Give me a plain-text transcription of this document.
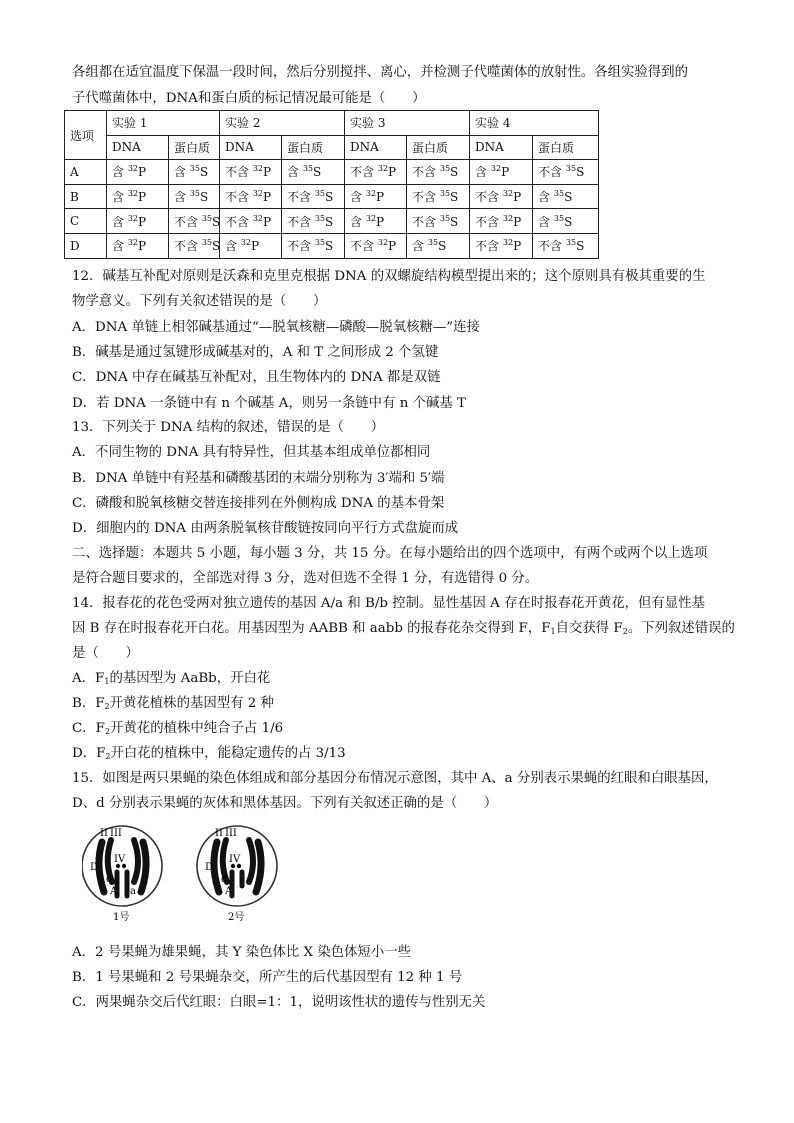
各组都在适宜温度下保温一段时间，然后分别搅拌、离心，并检测子代噬菌体的放射性。各组实验得到的
子代噬菌体中，DNA和蛋白质的标记情况最可能是（　　）
选项	实验 1		实验 2		实验 3		实验 4	
	DNA	蛋白质	DNA	蛋白质	DNA	蛋白质	DNA	蛋白质
A	含 $^{32}$P	含 $^{35}$S	不含 $^{32}$P	含 $^{35}$S	不含 $^{32}$P	不含 $^{35}$S	含 $^{32}$P	不含 $^{35}$S
B	含 $^{32}$P	含 $^{35}$S	不含 $^{32}$P	不含 $^{35}$S	含 $^{32}$P	不含 $^{35}$S	不含 $^{32}$P	含 $^{35}$S
C	含 $^{32}$P	不含 $^{35}$S	不含 $^{32}$P	不含 $^{35}$S	含 $^{32}$P	不含 $^{35}$S	不含 $^{32}$P	含 $^{35}$S
D	含 $^{32}$P	不含 $^{35}$S	含 $^{32}$P	不含 $^{35}$S	不含 $^{32}$P	含 $^{35}$S	不含 $^{32}$P	不含 $^{35}$S
12．碱基互补配对原则是沃森和克里克根据 DNA 的双螺旋结构模型提出来的；这个原则具有极其重要的生
物学意义。下列有关叙述错误的是（　　）
A．DNA 单链上相邻碱基通过“—脱氧核糖—磷酸—脱氧核糖—”连接
B．碱基是通过氢键形成碱基对的，A 和 T 之间形成 2 个氢键
C．DNA 中存在碱基互补配对，且生物体内的 DNA 都是双链
D．若 DNA 一条链中有 n 个碱基 A，则另一条链中有 n 个碱基 T
13．下列关于 DNA 结构的叙述，错误的是（　　）
A．不同生物的 DNA 具有特异性，但其基本组成单位都相同
B．DNA 单链中有羟基和磷酸基团的末端分别称为 3′端和 5′端
C．磷酸和脱氧核糖交替连接排列在外侧构成 DNA 的基本骨架
D．细胞内的 DNA 由两条脱氧核苷酸链按同向平行方式盘旋而成
二、选择题：本题共 5 小题，每小题 3 分，共 15 分。在每小题给出的四个选项中，有两个或两个以上选项
是符合题目要求的，全部选对得 3 分，选对但选不全得 1 分，有选错得 0 分。
14．报春花的花色受两对独立遗传的基因 A/a 和 B/b 控制。显性基因 A 存在时报春花开黄花，但有显性基
因 B 存在时报春花开白花。用基因型为 AABB 和 aabb 的报春花杂交得到 F，$F_1$自交获得 $F_2$。下列叙述错误的
是（　　）
A．$F_1$的基因型为 AaBb，开白花
B．$F_2$开黄花植株的基因型有 2 种
C．$F_2$开黄花的植株中纯合子占 1/6
D．$F_2$开白花的植株中，能稳定遗传的占 3/13
15．如图是两只果蝇的染色体组成和部分基因分布情况示意图，其中 A、a 分别表示果蝇的红眼和白眼基因，
D、d 分别表示果蝇的灰体和黑体基因。下列有关叙述正确的是（　　）
II III
IV
D
d
A a
1号
II III
IV
D
d
A
2号
A．2 号果蝇为雄果蝇，其 Y 染色体比 X 染色体短小一些
B．1 号果蝇和 2 号果蝇杂交，所产生的后代基因型有 12 种 1 号
C．两果蝇杂交后代红眼：白眼=1：1，说明该性状的遗传与性别无关
